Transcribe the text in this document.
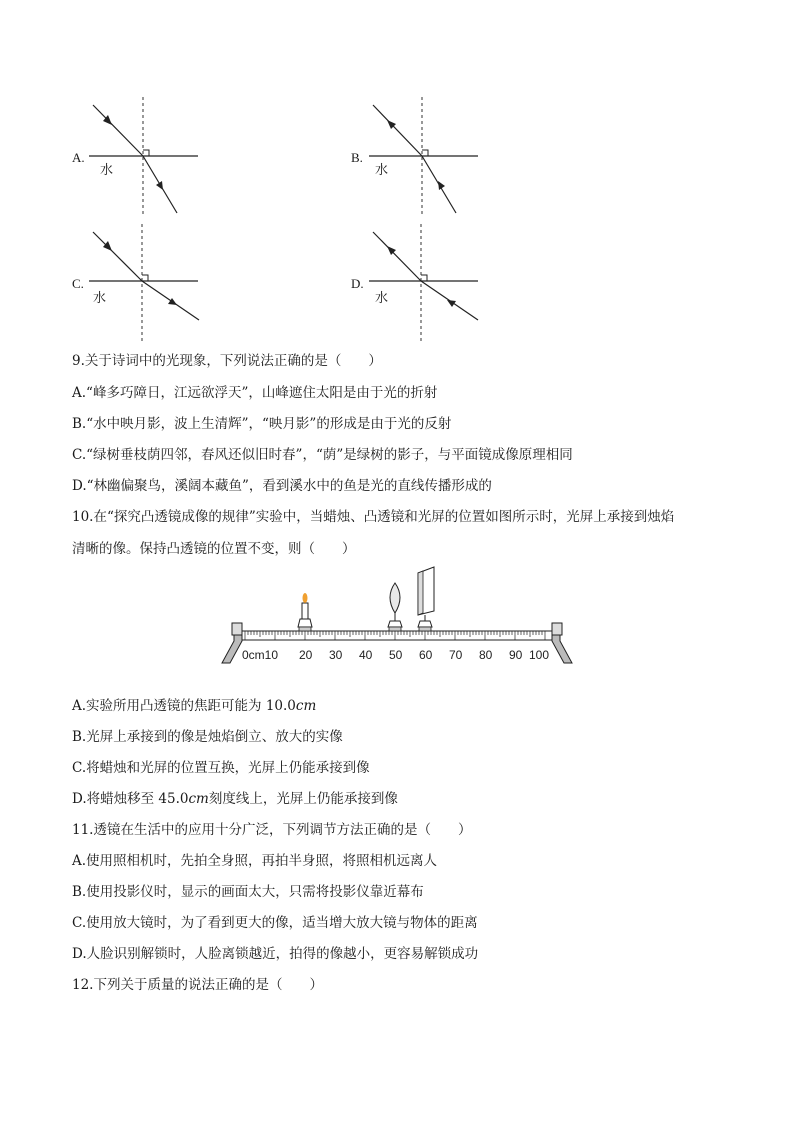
A.
水
B.
水
C.
水
D.
水
9.关于诗词中的光现象，下列说法正确的是（　　）
A.“峰多巧障日，江远欲浮天”，山峰遮住太阳是由于光的折射
B.“水中映月影，波上生清辉”，“映月影”的形成是由于光的反射
C.“绿树垂枝荫四邻，春风还似旧时春”，“荫”是绿树的影子，与平面镜成像原理相同
D.“林幽偏聚鸟，溪阔本藏鱼”，看到溪水中的鱼是光的直线传播形成的
10.在“探究凸透镜成像的规律”实验中，当蜡烛、凸透镜和光屏的位置如图所示时，光屏上承接到烛焰
清晰的像。保持凸透镜的位置不变，则（　　）
0cm10 20 30 40 50 60 70 80 90 100
A.实验所用凸透镜的焦距可能为 10.0cm
B.光屏上承接到的像是烛焰倒立、放大的实像
C.将蜡烛和光屏的位置互换，光屏上仍能承接到像
D.将蜡烛移至 45.0cm刻度线上，光屏上仍能承接到像
11.透镜在生活中的应用十分广泛，下列调节方法正确的是（　　）
A.使用照相机时，先拍全身照，再拍半身照，将照相机远离人
B.使用投影仪时，显示的画面太大，只需将投影仪靠近幕布
C.使用放大镜时，为了看到更大的像，适当增大放大镜与物体的距离
D.人脸识别解锁时，人脸离锁越近，拍得的像越小，更容易解锁成功
12.下列关于质量的说法正确的是（　　）
